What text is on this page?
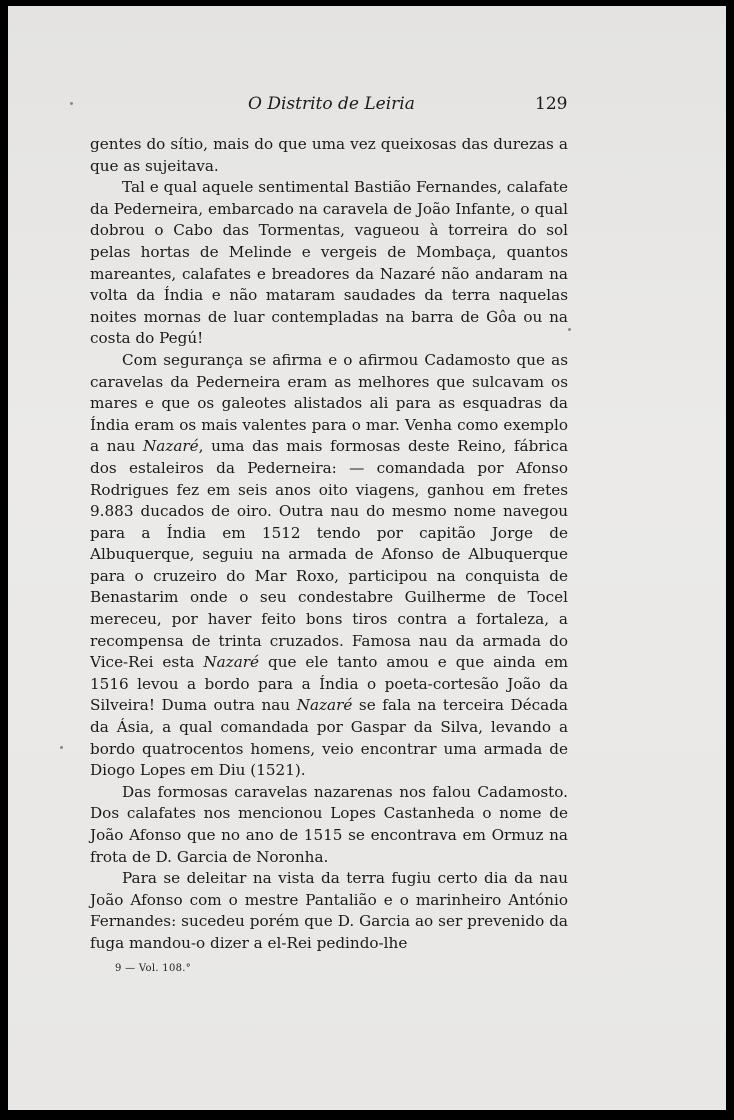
O Distrito de Leiria	129

gentes do sítio, mais do que uma vez queixosas das durezas a que as sujeitava.

Tal e qual aquele sentimental Bastião Fernandes, calafate da Pederneira, embarcado na caravela de João Infante, o qual dobrou o Cabo das Tormentas, vagueou à torreira do sol pelas hortas de Melinde e vergeis de Mombaça, quantos mareantes, calafates e breadores da Nazaré não andaram na volta da Índia e não mataram saudades da terra naquelas noites mornas de luar contempladas na barra de Gôa ou na costa do Pegú!

Com segurança se afirma e o afirmou Cadamosto que as caravelas da Pederneira eram as melhores que sulcavam os mares e que os galeotes alistados ali para as esquadras da Índia eram os mais valentes para o mar. Venha como exemplo a nau Nazaré, uma das mais formosas deste Reino, fábrica dos estaleiros da Pederneira: — comandada por Afonso Rodrigues fez em seis anos oito viagens, ganhou em fretes 9.883 ducados de oiro. Outra nau do mesmo nome navegou para a Índia em 1512 tendo por capitão Jorge de Albuquerque, seguiu na armada de Afonso de Albuquerque para o cruzeiro do Mar Roxo, participou na conquista de Benastarim onde o seu condestabre Guilherme de Tocel mereceu, por haver feito bons tiros contra a fortaleza, a recompensa de trinta cruzados. Famosa nau da armada do Vice-Rei esta Nazaré que ele tanto amou e que ainda em 1516 levou a bordo para a Índia o poeta-cortesão João da Silveira! Duma outra nau Nazaré se fala na terceira Década da Ásia, a qual comandada por Gaspar da Silva, levando a bordo quatrocentos homens, veio encontrar uma armada de Diogo Lopes em Diu (1521).

Das formosas caravelas nazarenas nos falou Cadamosto. Dos calafates nos mencionou Lopes Castanheda o nome de João Afonso que no ano de 1515 se encontrava em Ormuz na frota de D. Garcia de Noronha.

Para se deleitar na vista da terra fugiu certo dia da nau João Afonso com o mestre Pantalião e o marinheiro António Fernandes: sucedeu porém que D. Garcia ao ser prevenido da fuga mandou-o dizer a el-Rei pedindo-lhe

9 — Vol. 108.°
